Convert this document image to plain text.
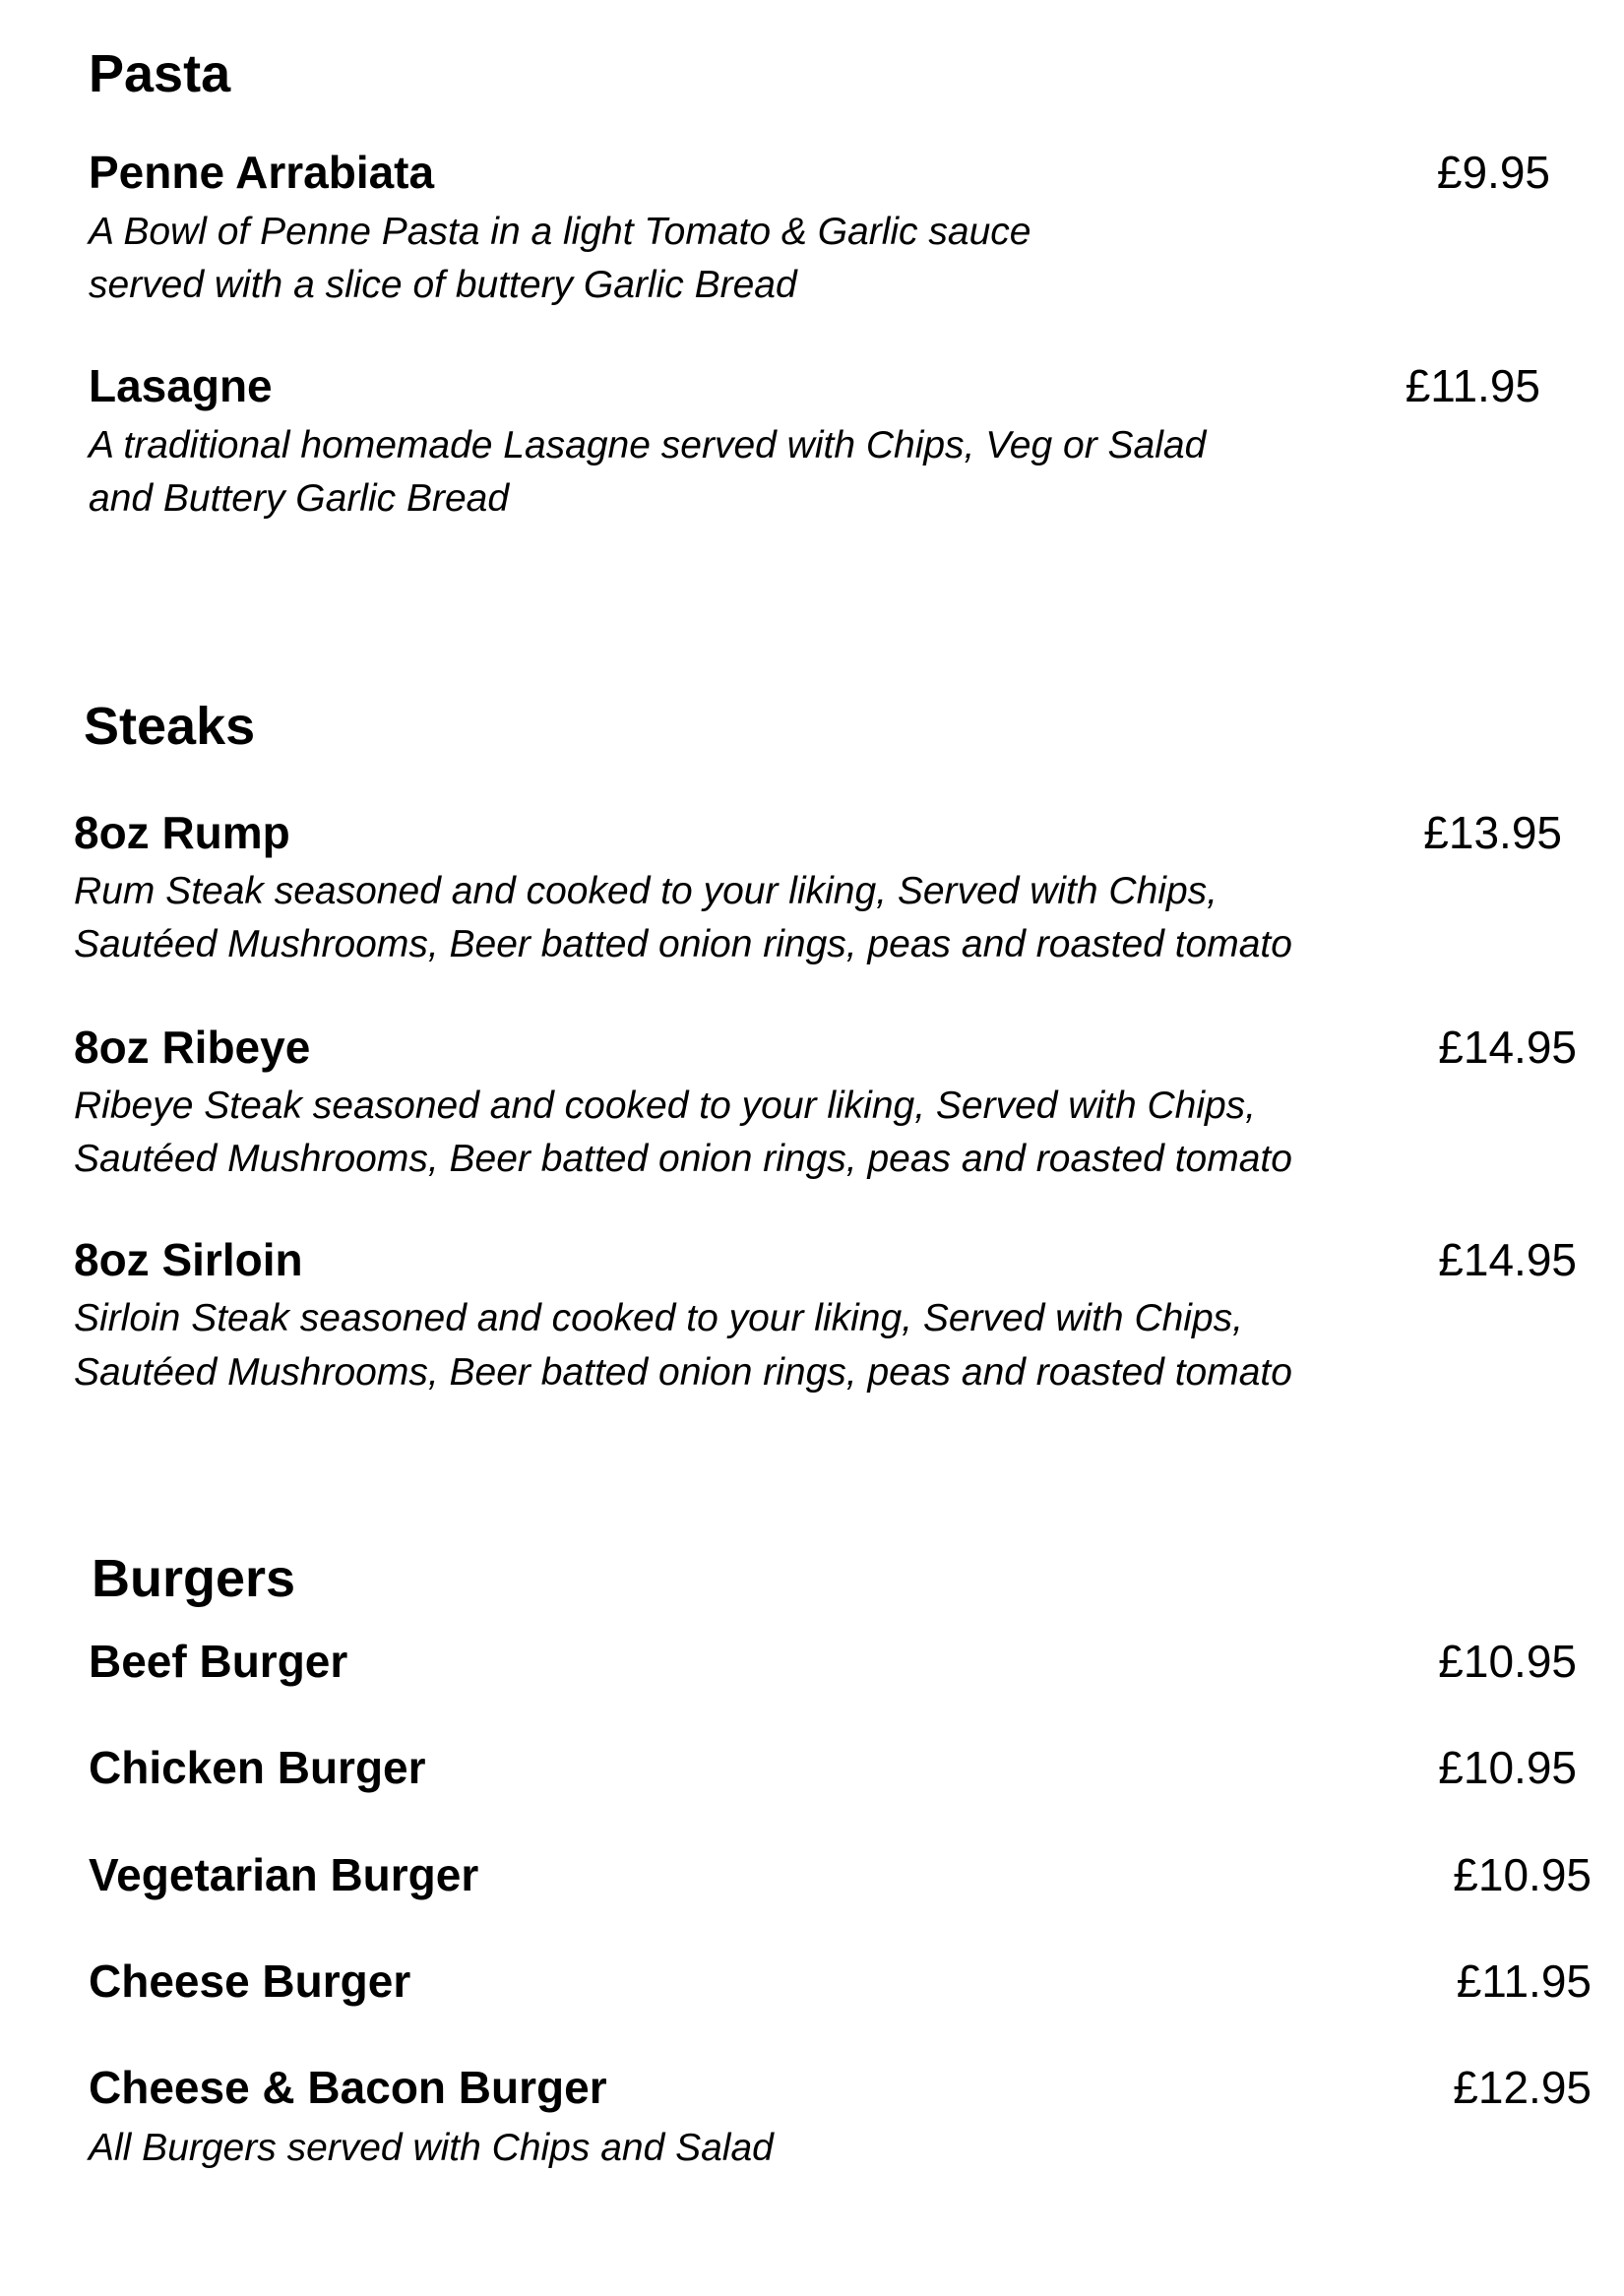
Pasta
Penne Arrabiata	£9.95
A Bowl of Penne Pasta in a light Tomato & Garlic sauce
served with a slice of buttery Garlic Bread
Lasagne	£11.95
A traditional homemade Lasagne served with Chips, Veg or Salad
and Buttery Garlic Bread
Steaks
8oz Rump	£13.95
Rum Steak seasoned and cooked to your liking, Served with Chips,
Sautéed Mushrooms, Beer batted onion rings, peas and roasted tomato
8oz Ribeye	£14.95
Ribeye Steak seasoned and cooked to your liking, Served with Chips,
Sautéed Mushrooms, Beer batted onion rings, peas and roasted tomato
8oz Sirloin	£14.95
Sirloin Steak seasoned and cooked to your liking, Served with Chips,
Sautéed Mushrooms, Beer batted onion rings, peas and roasted tomato
Burgers
Beef Burger	£10.95
Chicken Burger	£10.95
Vegetarian Burger	£10.95
Cheese Burger	£11.95
Cheese & Bacon Burger	£12.95
All Burgers served with Chips and Salad
